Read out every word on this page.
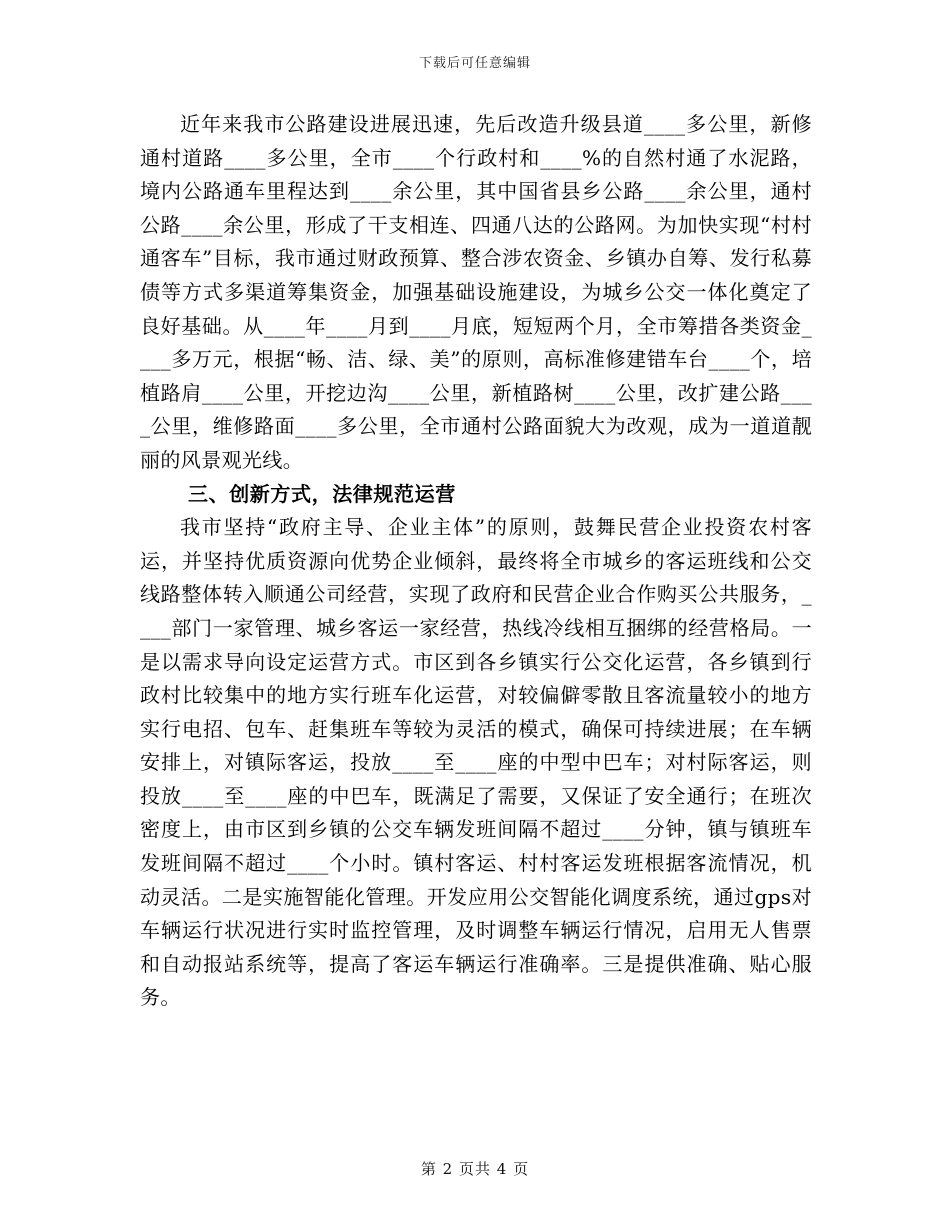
下载后可任意编辑

近年来我市公路建设进展迅速，先后改造升级县道____多公里，新修通村道路____多公里，全市____个行政村和____%的自然村通了水泥路，境内公路通车里程达到____余公里，其中国省县乡公路____余公里，通村公路____余公里，形成了干支相连、四通八达的公路网。为加快实现“村村通客车”目标，我市通过财政预算、整合涉农资金、乡镇办自筹、发行私募债等方式多渠道筹集资金，加强基础设施建设，为城乡公交一体化奠定了良好基础。从____年____月到____月底，短短两个月，全市筹措各类资金____多万元，根据“畅、洁、绿、美”的原则，高标准修建错车台____个，培植路肩____公里，开挖边沟____公里，新植路树____公里，改扩建公路____公里，维修路面____多公里，全市通村公路面貌大为改观，成为一道道靓丽的风景观光线。

三、创新方式，法律规范运营

我市坚持“政府主导、企业主体”的原则，鼓舞民营企业投资农村客运，并坚持优质资源向优势企业倾斜，最终将全市城乡的客运班线和公交线路整体转入顺通公司经营，实现了政府和民营企业合作购买公共服务，____部门一家管理、城乡客运一家经营，热线冷线相互捆绑的经营格局。一是以需求导向设定运营方式。市区到各乡镇实行公交化运营，各乡镇到行政村比较集中的地方实行班车化运营，对较偏僻零散且客流量较小的地方实行电招、包车、赶集班车等较为灵活的模式，确保可持续进展；在车辆安排上，对镇际客运，投放____至____座的中型中巴车；对村际客运，则投放____至____座的中巴车，既满足了需要，又保证了安全通行；在班次密度上，由市区到乡镇的公交车辆发班间隔不超过____分钟，镇与镇班车发班间隔不超过____个小时。镇村客运、村村客运发班根据客流情况，机动灵活。二是实施智能化管理。开发应用公交智能化调度系统，通过gps对车辆运行状况进行实时监控管理，及时调整车辆运行情况，启用无人售票和自动报站系统等，提高了客运车辆运行准确率。三是提供准确、贴心服务。

第 2 页共 4 页
